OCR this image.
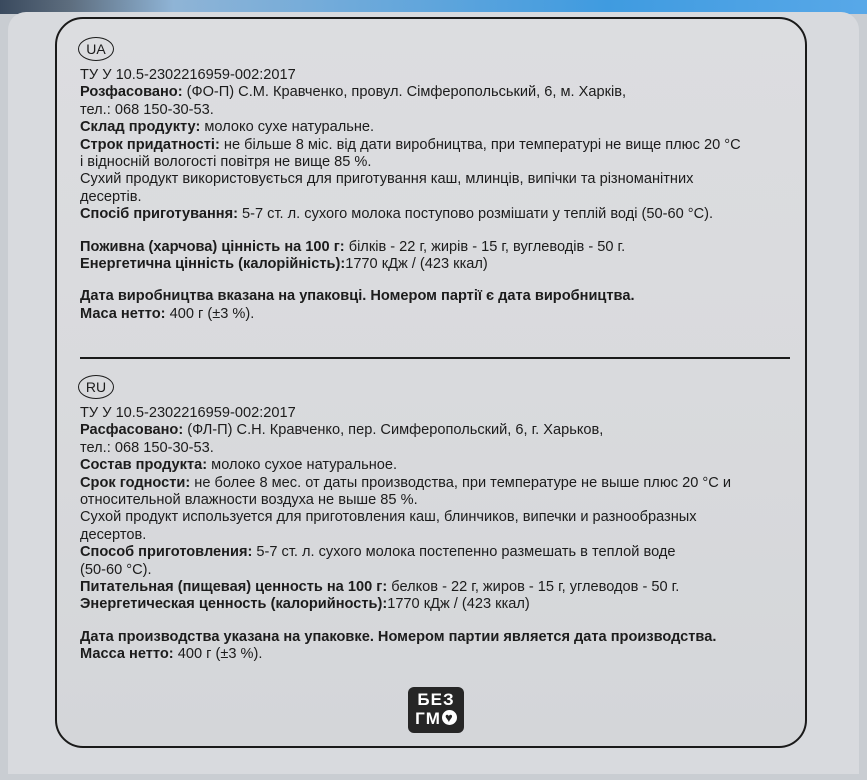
UA

ТУ У 10.5-2302216959-002:2017

Розфасовано: (ФО-П) С.М. Кравченко, провул. Сімферопольський, 6, м. Харків,

тел.: 068 150-30-53.

Склад продукту: молоко сухе натуральне.

Строк придатності: не більше 8 міс. від дати виробництва, при температурі не вище плюс 20 °С

і відносній вологості повітря не вище 85 %.

Сухий продукт використовується для приготування каш, млинців, випічки та різноманітних

десертів.

Спосіб приготування: 5-7 ст. л. сухого молока поступово розмішати у теплій воді (50-60 °С).

Поживна (харчова) цінність на 100 г: білків - 22 г, жирів - 15 г, вуглеводів - 50 г.

Енергетична цінність (калорійність):1770 кДж / (423 ккал)

Дата виробництва вказана на упаковці. Номером партії є дата виробництва.

Маса нетто: 400 г (±3 %).

RU

ТУ У 10.5-2302216959-002:2017

Расфасовано: (ФЛ-П) С.Н. Кравченко, пер. Симферопольский, 6, г. Харьков,

тел.: 068 150-30-53.

Состав продукта: молоко сухое натуральное.

Срок годности: не более 8 мес. от даты производства, при температуре не выше плюс 20 °С и

относительной влажности воздуха не выше 85 %.

Сухой продукт используется для приготовления каш, блинчиков, випечки и разнообразных

десертов.

Способ приготовления: 5-7 ст. л. сухого молока постепенно размешать в теплой воде

(50-60 °С).

Питательная (пищевая) ценность на 100 г: белков - 22 г, жиров - 15 г, углеводов - 50 г.

Энергетическая ценность (калорийность):1770 кДж / (423 ккал)

Дата производства указана на упаковке. Номером партии является дата производства.

Масса нетто: 400 г (±3 %).

БЕЗ
ГМ ♥
